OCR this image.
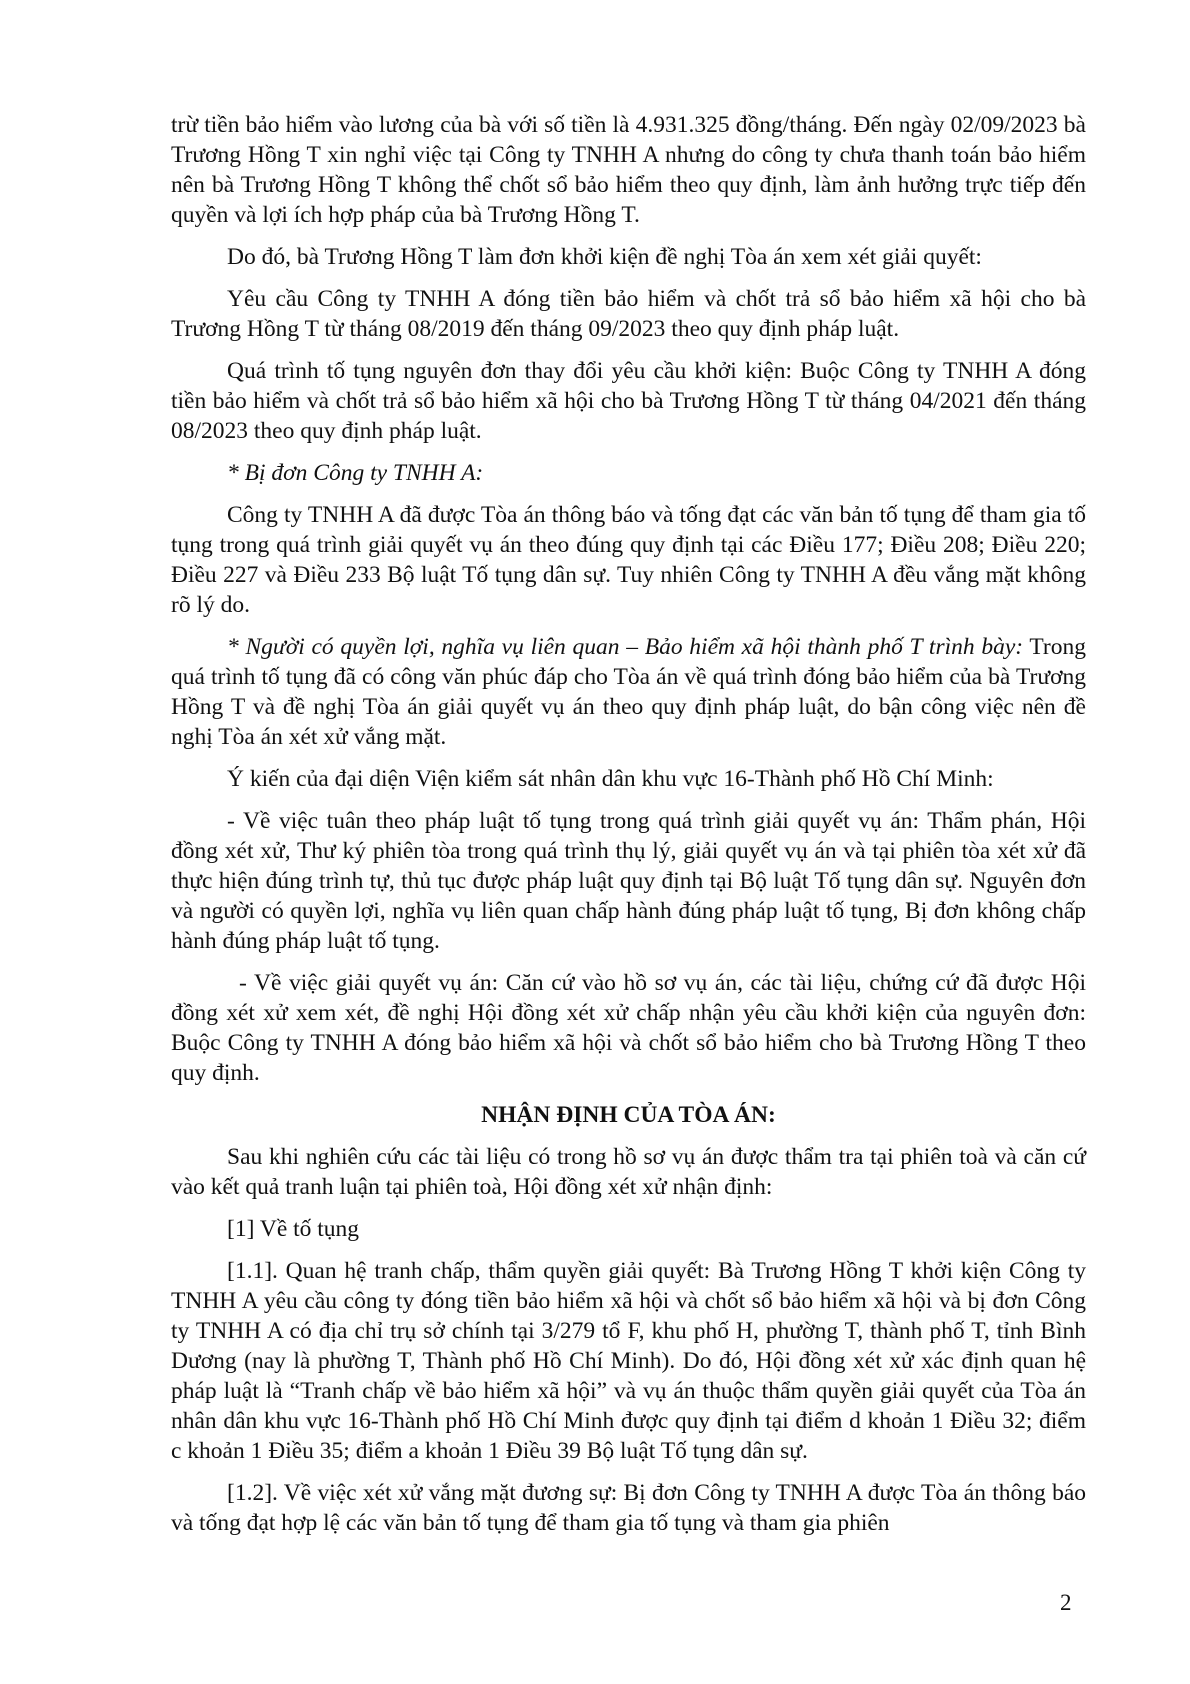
trừ tiền bảo hiểm vào lương của bà với số tiền là 4.931.325 đồng/tháng. Đến ngày 02/09/2023 bà Trương Hồng T xin nghỉ việc tại Công ty TNHH A nhưng do công ty chưa thanh toán bảo hiểm nên bà Trương Hồng T không thể chốt sổ bảo hiểm theo quy định, làm ảnh hưởng trực tiếp đến quyền và lợi ích hợp pháp của bà Trương Hồng T.

Do đó, bà Trương Hồng T làm đơn khởi kiện đề nghị Tòa án xem xét giải quyết:

Yêu cầu Công ty TNHH A đóng tiền bảo hiểm và chốt trả sổ bảo hiểm xã hội cho bà Trương Hồng T từ tháng 08/2019 đến tháng 09/2023 theo quy định pháp luật.

Quá trình tố tụng nguyên đơn thay đổi yêu cầu khởi kiện: Buộc Công ty TNHH A đóng tiền bảo hiểm và chốt trả sổ bảo hiểm xã hội cho bà Trương Hồng T từ tháng 04/2021 đến tháng 08/2023 theo quy định pháp luật.

* Bị đơn Công ty TNHH A:

Công ty TNHH A đã được Tòa án thông báo và tống đạt các văn bản tố tụng để tham gia tố tụng trong quá trình giải quyết vụ án theo đúng quy định tại các Điều 177; Điều 208; Điều 220; Điều 227 và Điều 233 Bộ luật Tố tụng dân sự. Tuy nhiên Công ty TNHH A đều vắng mặt không rõ lý do.

* Người có quyền lợi, nghĩa vụ liên quan – Bảo hiểm xã hội thành phố T trình bày: Trong quá trình tố tụng đã có công văn phúc đáp cho Tòa án về quá trình đóng bảo hiểm của bà Trương Hồng T và đề nghị Tòa án giải quyết vụ án theo quy định pháp luật, do bận công việc nên đề nghị Tòa án xét xử vắng mặt.

Ý kiến của đại diện Viện kiểm sát nhân dân khu vực 16-Thành phố Hồ Chí Minh:

- Về việc tuân theo pháp luật tố tụng trong quá trình giải quyết vụ án: Thẩm phán, Hội đồng xét xử, Thư ký phiên tòa trong quá trình thụ lý, giải quyết vụ án và tại phiên tòa xét xử đã thực hiện đúng trình tự, thủ tục được pháp luật quy định tại Bộ luật Tố tụng dân sự. Nguyên đơn và người có quyền lợi, nghĩa vụ liên quan chấp hành đúng pháp luật tố tụng, Bị đơn không chấp hành đúng pháp luật tố tụng.

- Về việc giải quyết vụ án: Căn cứ vào hồ sơ vụ án, các tài liệu, chứng cứ đã được Hội đồng xét xử xem xét, đề nghị Hội đồng xét xử chấp nhận yêu cầu khởi kiện của nguyên đơn: Buộc Công ty TNHH A đóng bảo hiểm xã hội và chốt sổ bảo hiểm cho bà Trương Hồng T theo quy định.

NHẬN ĐỊNH CỦA TÒA ÁN:

Sau khi nghiên cứu các tài liệu có trong hồ sơ vụ án được thẩm tra tại phiên toà và căn cứ vào kết quả tranh luận tại phiên toà, Hội đồng xét xử nhận định:

[1] Về tố tụng

[1.1]. Quan hệ tranh chấp, thẩm quyền giải quyết: Bà Trương Hồng T khởi kiện Công ty TNHH A yêu cầu công ty đóng tiền bảo hiểm xã hội và chốt sổ bảo hiểm xã hội và bị đơn Công ty TNHH A có địa chỉ trụ sở chính tại 3/279 tổ F, khu phố H, phường T, thành phố T, tỉnh Bình Dương (nay là phường T, Thành phố Hồ Chí Minh). Do đó, Hội đồng xét xử xác định quan hệ pháp luật là “Tranh chấp về bảo hiểm xã hội” và vụ án thuộc thẩm quyền giải quyết của Tòa án nhân dân khu vực 16-Thành phố Hồ Chí Minh được quy định tại điểm d khoản 1 Điều 32; điểm c khoản 1 Điều 35; điểm a khoản 1 Điều 39 Bộ luật Tố tụng dân sự.

[1.2]. Về việc xét xử vắng mặt đương sự: Bị đơn Công ty TNHH A được Tòa án thông báo và tống đạt hợp lệ các văn bản tố tụng để tham gia tố tụng và tham gia phiên

2
